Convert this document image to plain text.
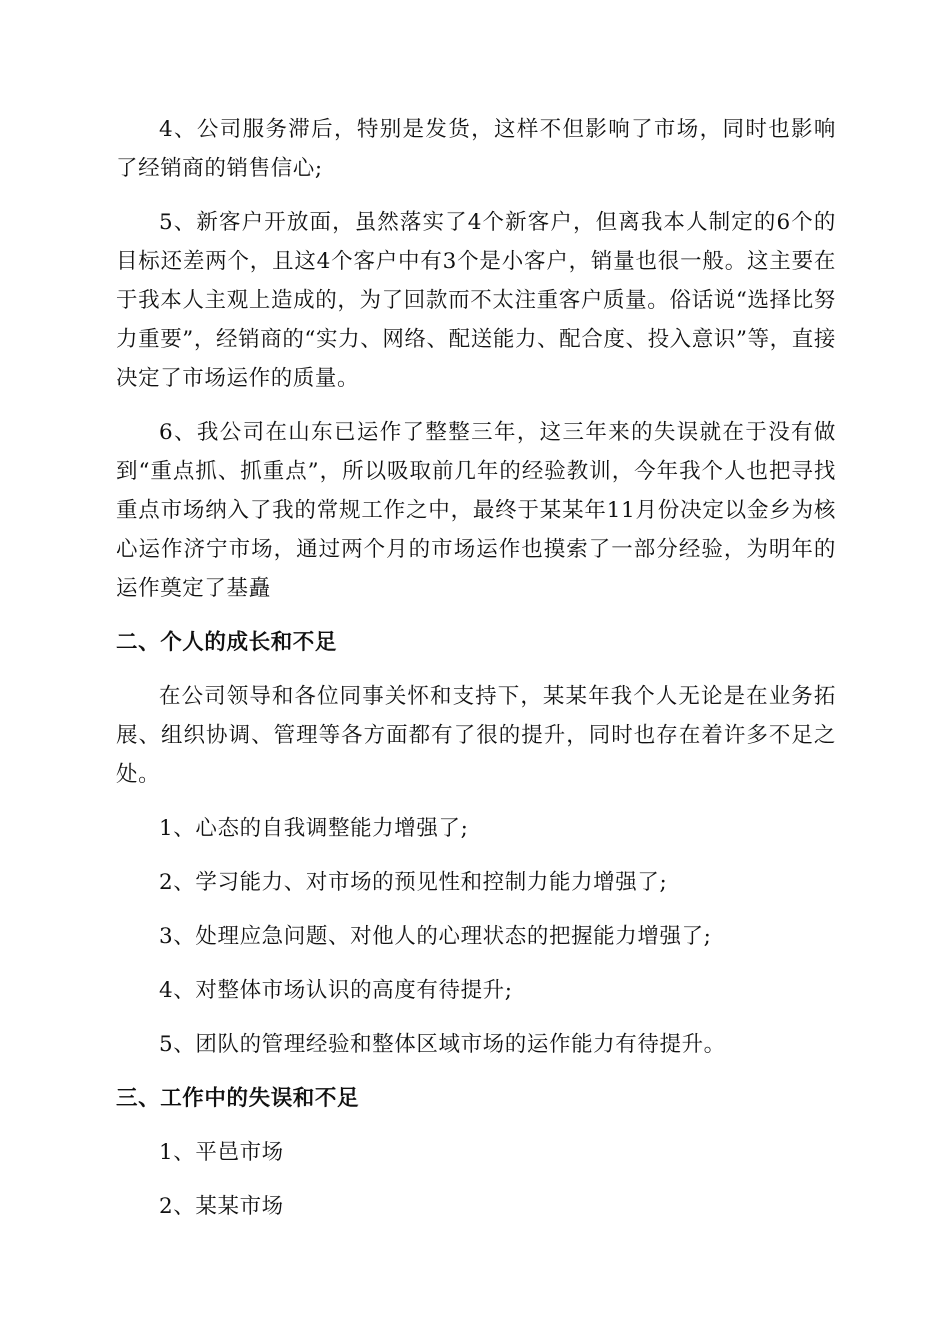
4、公司服务滞后，特别是发货，这样不但影响了市场，同时也影响了经销商的销售信心;

5、新客户开放面，虽然落实了4个新客户，但离我本人制定的6个的目标还差两个，且这4个客户中有3个是小客户，销量也很一般。这主要在于我本人主观上造成的，为了回款而不太注重客户质量。俗话说“选择比努力重要”，经销商的“实力、网络、配送能力、配合度、投入意识”等，直接决定了市场运作的质量。

6、我公司在山东已运作了整整三年，这三年来的失误就在于没有做到“重点抓、抓重点”，所以吸取前几年的经验教训，今年我个人也把寻找重点市场纳入了我的常规工作之中，最终于某某年11月份决定以金乡为核心运作济宁市场，通过两个月的市场运作也摸索了一部分经验，为明年的运作奠定了基矗

二、个人的成长和不足

在公司领导和各位同事关怀和支持下，某某年我个人无论是在业务拓展、组织协调、管理等各方面都有了很的提升，同时也存在着许多不足之处。

1、心态的自我调整能力增强了;

2、学习能力、对市场的预见性和控制力能力增强了;

3、处理应急问题、对他人的心理状态的把握能力增强了;

4、对整体市场认识的高度有待提升;

5、团队的管理经验和整体区域市场的运作能力有待提升。

三、工作中的失误和不足

1、平邑市场

2、某某市场
